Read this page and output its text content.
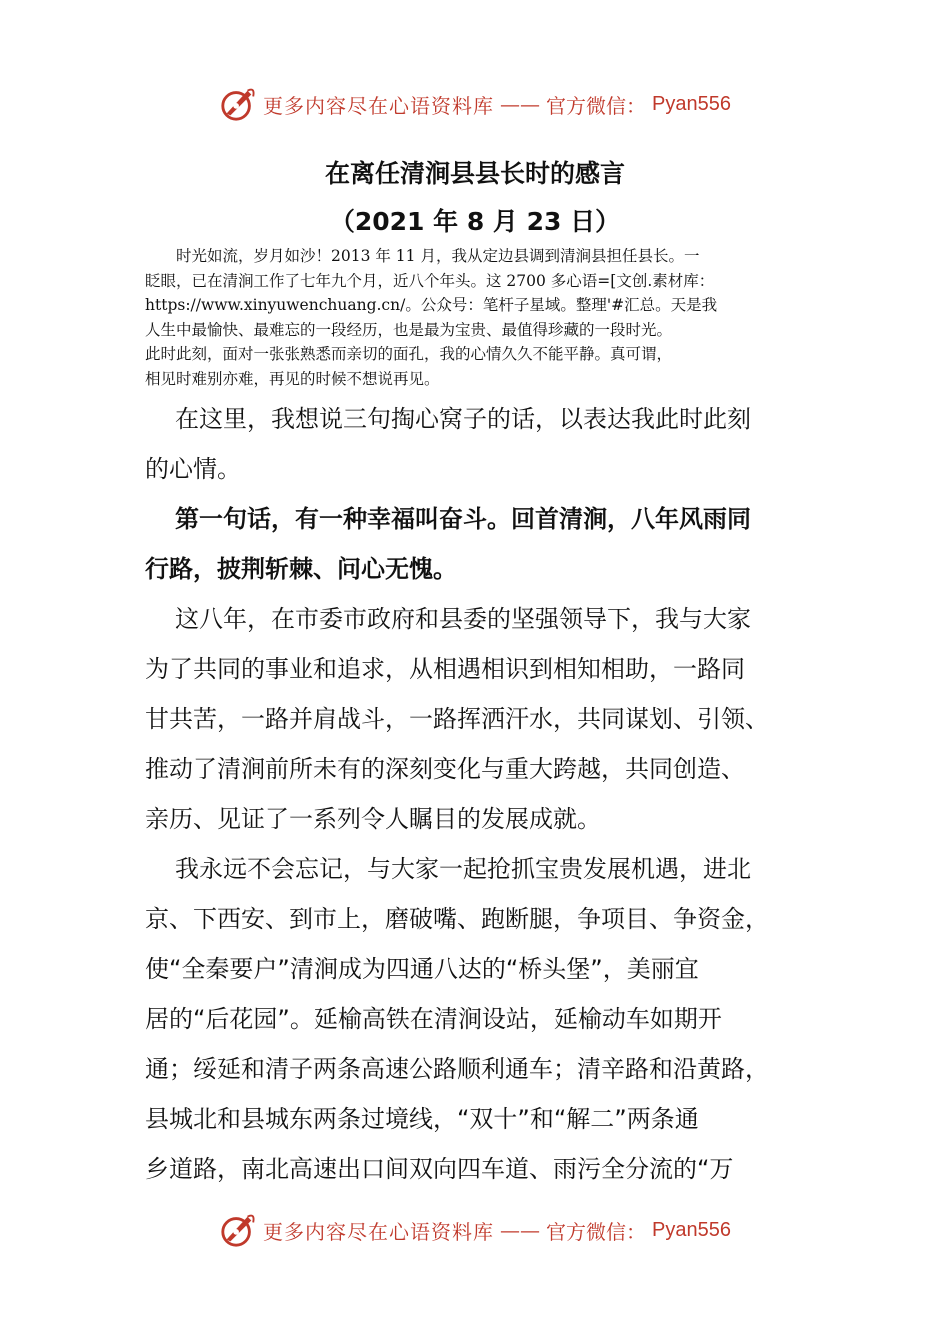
更多内容尽在心语资料库 —— 官方微信： Pyan556
在离任清涧县县长时的感言
（2021 年 8 月 23 日）

时光如流，岁月如沙！2013 年 11 月，我从定边县调到清涧县担任县长。一
眨眼，已在清涧工作了七年九个月，近八个年头。这 2700 多心语=[文创.素材库：
https://www.xinyuwenchuang.cn/。公众号：笔杆子星域。整理'#汇总。天是我
人生中最愉快、最难忘的一段经历，也是最为宝贵、最值得珍藏的一段时光。
此时此刻，面对一张张熟悉而亲切的面孔，我的心情久久不能平静。真可谓，
相见时难别亦难，再见的时候不想说再见。

在这里，我想说三句掏心窝子的话，以表达我此时此刻
的心情。

第一句话，有一种幸福叫奋斗。回首清涧，八年风雨同
行路，披荆斩棘、问心无愧。

这八年，在市委市政府和县委的坚强领导下，我与大家
为了共同的事业和追求，从相遇相识到相知相助，一路同
甘共苦，一路并肩战斗，一路挥洒汗水，共同谋划、引领、
推动了清涧前所未有的深刻变化与重大跨越，共同创造、
亲历、见证了一系列令人瞩目的发展成就。

我永远不会忘记，与大家一起抢抓宝贵发展机遇，进北
京、下西安、到市上，磨破嘴、跑断腿，争项目、争资金，
使“全秦要户”清涧成为四通八达的“桥头堡”，美丽宜
居的“后花园”。延榆高铁在清涧设站，延榆动车如期开
通；绥延和清子两条高速公路顺利通车；清辛路和沿黄路，
县城北和县城东两条过境线，“双十”和“解二”两条通
乡道路，南北高速出口间双向四车道、雨污全分流的“万

更多内容尽在心语资料库 —— 官方微信： Pyan556
